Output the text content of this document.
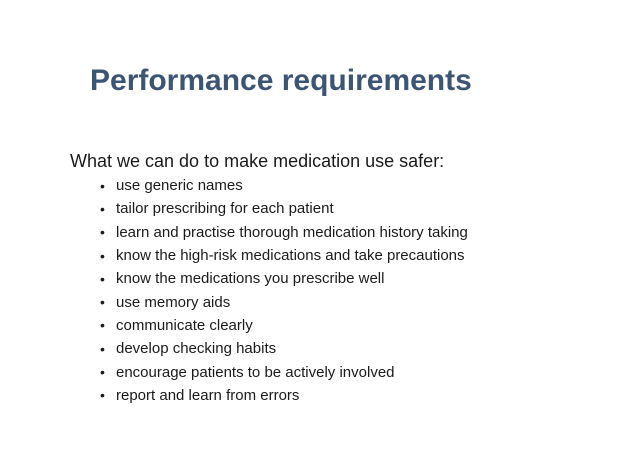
Performance requirements

What we can do to make medication use safer:

• use generic names
• tailor prescribing for each patient
• learn and practise thorough medication history taking
• know the high-risk medications and take precautions
• know the medications you prescribe well
• use memory aids
• communicate clearly
• develop checking habits
• encourage patients to be actively involved
• report and learn from errors
